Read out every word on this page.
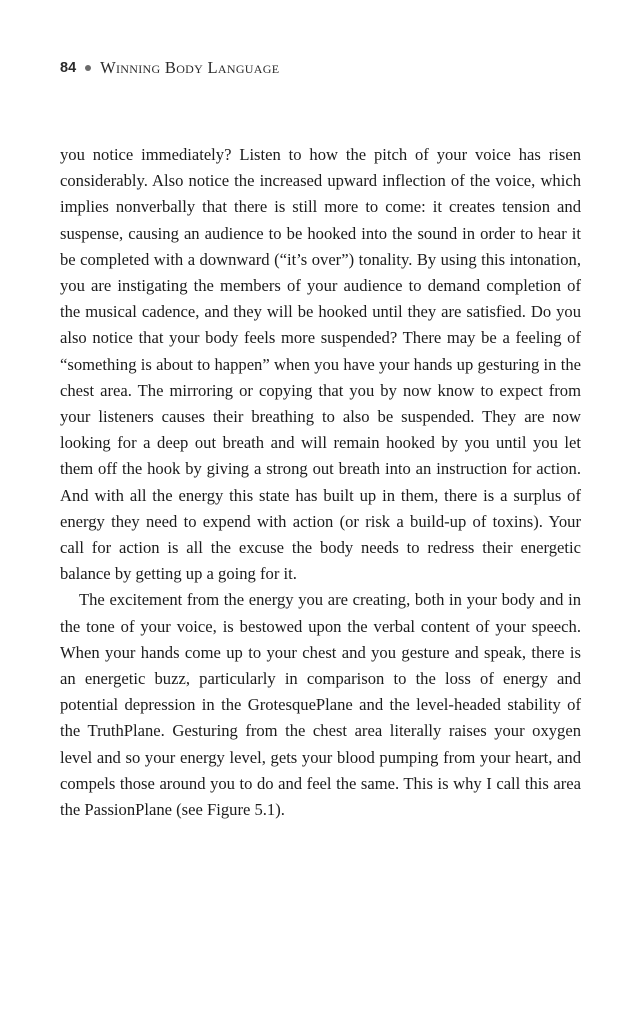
84 Winning Body Language

you notice immediately? Listen to how the pitch of your voice has risen considerably. Also notice the increased upward inflection of the voice, which implies nonverbally that there is still more to come: it creates tension and suspense, causing an audience to be hooked into the sound in order to hear it be completed with a downward (“it’s over”) tonality. By using this intonation, you are instigating the members of your audience to demand completion of the musical cadence, and they will be hooked until they are satisfied. Do you also notice that your body feels more suspended? There may be a feeling of “something is about to happen” when you have your hands up gesturing in the chest area. The mirroring or copying that you by now know to expect from your listeners causes their breathing to also be suspended. They are now looking for a deep out breath and will remain hooked by you until you let them off the hook by giving a strong out breath into an instruction for action. And with all the energy this state has built up in them, there is a surplus of energy they need to expend with action (or risk a build-up of toxins). Your call for action is all the excuse the body needs to redress their energetic balance by getting up a going for it.

The excitement from the energy you are creating, both in your body and in the tone of your voice, is bestowed upon the verbal content of your speech. When your hands come up to your chest and you gesture and speak, there is an energetic buzz, particularly in comparison to the loss of energy and potential depression in the GrotesquePlane and the level-headed stability of the TruthPlane. Gesturing from the chest area literally raises your oxygen level and so your energy level, gets your blood pumping from your heart, and compels those around you to do and feel the same. This is why I call this area the PassionPlane (see Figure 5.1).
